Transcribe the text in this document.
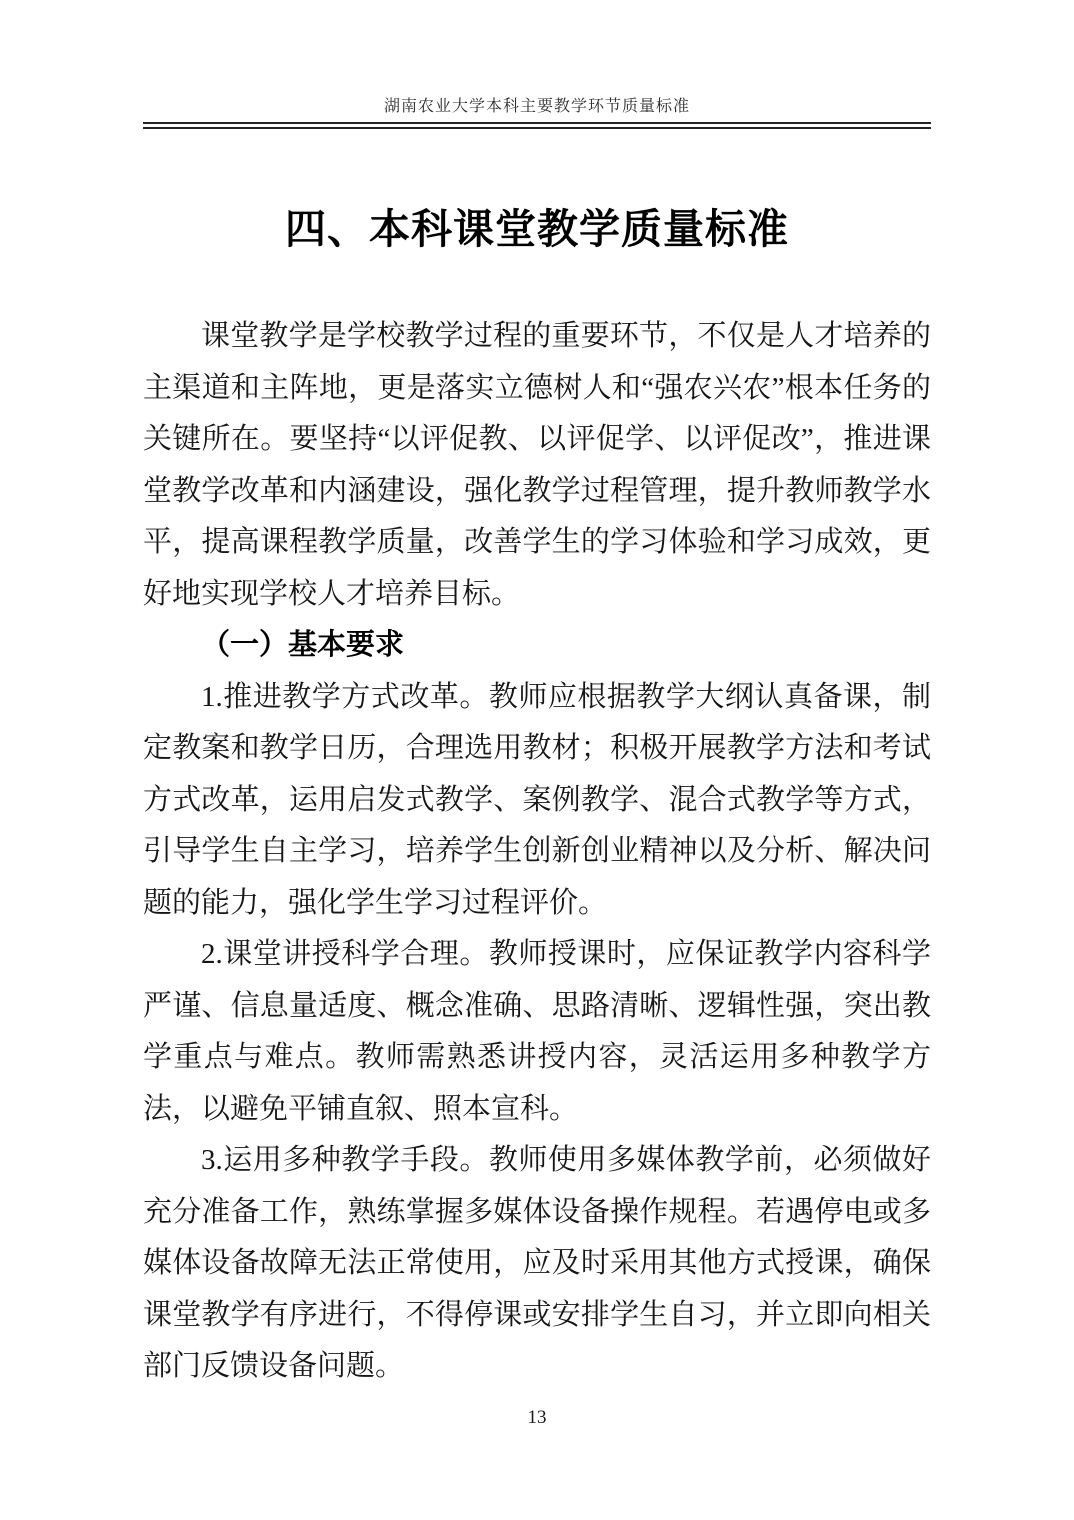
湖南农业大学本科主要教学环节质量标准
四、本科课堂教学质量标准

课堂教学是学校教学过程的重要环节，不仅是人才培养的主渠道和主阵地，更是落实立德树人和“强农兴农”根本任务的关键所在。要坚持“以评促教、以评促学、以评促改”，推进课堂教学改革和内涵建设，强化教学过程管理，提升教师教学水平，提高课程教学质量，改善学生的学习体验和学习成效，更好地实现学校人才培养目标。

（一）基本要求

1.推进教学方式改革。教师应根据教学大纲认真备课，制定教案和教学日历，合理选用教材；积极开展教学方法和考试方式改革，运用启发式教学、案例教学、混合式教学等方式，引导学生自主学习，培养学生创新创业精神以及分析、解决问题的能力，强化学生学习过程评价。

2.课堂讲授科学合理。教师授课时，应保证教学内容科学严谨、信息量适度、概念准确、思路清晰、逻辑性强，突出教学重点与难点。教师需熟悉讲授内容，灵活运用多种教学方法，以避免平铺直叙、照本宣科。

3.运用多种教学手段。教师使用多媒体教学前，必须做好充分准备工作，熟练掌握多媒体设备操作规程。若遇停电或多媒体设备故障无法正常使用，应及时采用其他方式授课，确保课堂教学有序进行，不得停课或安排学生自习，并立即向相关部门反馈设备问题。

13
